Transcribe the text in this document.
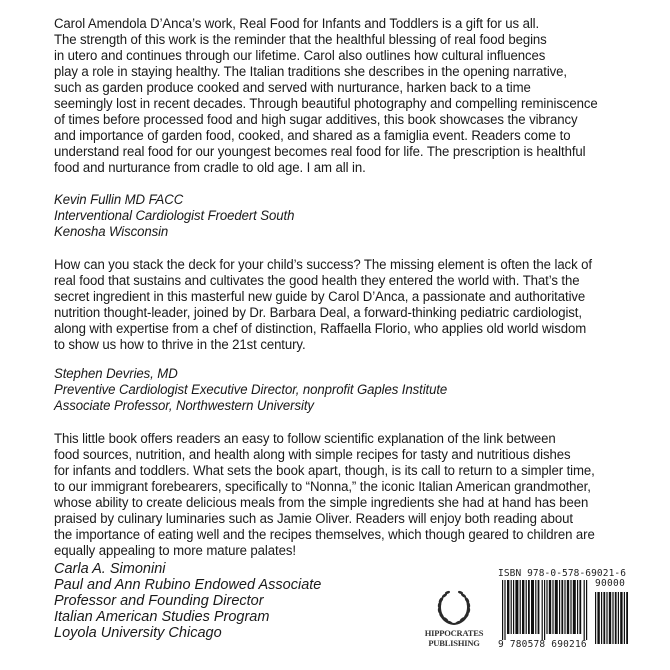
Carol Amendola D’Anca’s work, Real Food for Infants and Toddlers is a gift for us all.
The strength of this work is the reminder that the healthful blessing of real food begins
in utero and continues through our lifetime. Carol also outlines how cultural influences
play a role in staying healthy. The Italian traditions she describes in the opening narrative,
such as garden produce cooked and served with nurturance, harken back to a time
seemingly lost in recent decades. Through beautiful photography and compelling reminiscence
of times before processed food and high sugar additives, this book showcases the vibrancy
and importance of garden food, cooked, and shared as a famiglia event. Readers come to
understand real food for our youngest becomes real food for life. The prescription is healthful
food and nurturance from cradle to old age. I am all in.
Kevin Fullin MD FACC
Interventional Cardiologist Froedert South
Kenosha Wisconsin
How can you stack the deck for your child’s success? The missing element is often the lack of
real food that sustains and cultivates the good health they entered the world with. That’s the
secret ingredient in this masterful new guide by Carol D’Anca, a passionate and authoritative
nutrition thought-leader, joined by Dr. Barbara Deal, a forward-thinking pediatric cardiologist,
along with expertise from a chef of distinction, Raffaella Florio, who applies old world wisdom
to show us how to thrive in the 21st century.
Stephen Devries, MD
Preventive Cardiologist Executive Director, nonprofit Gaples Institute
Associate Professor, Northwestern University
This little book offers readers an easy to follow scientific explanation of the link between
food sources, nutrition, and health along with simple recipes for tasty and nutritious dishes
for infants and toddlers. What sets the book apart, though, is its call to return to a simpler time,
to our immigrant forebearers, specifically to “Nonna,” the iconic Italian American grandmother,
whose ability to create delicious meals from the simple ingredients she had at hand has been
praised by culinary luminaries such as Jamie Oliver. Readers will enjoy both reading about
the importance of eating well and the recipes themselves, which though geared to children are
equally appealing to more mature palates!
Carla A. Simonini
Paul and Ann Rubino Endowed Associate
Professor and Founding Director
Italian American Studies Program
Loyola University Chicago	HIPPOCRATES
PUBLISHING
ISBN 978-0-578-69021-6
90000
9 780578 690216
